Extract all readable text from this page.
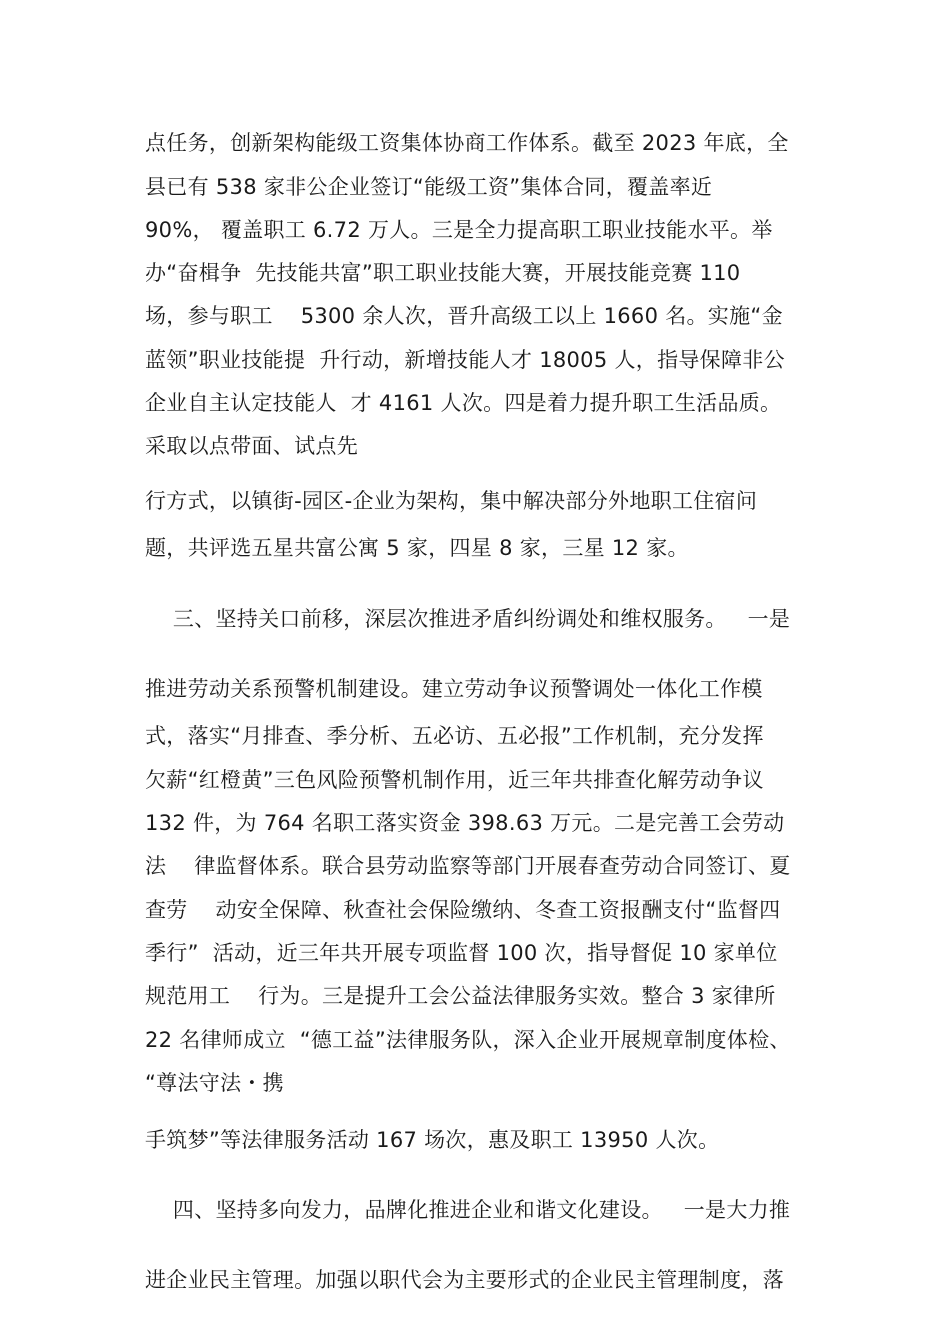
点任务，创新架构能级工资集体协商工作体系。截至 2023 年底，全
县已有 538 家非公企业签订“能级工资”集体合同，覆盖率近
90%， 覆盖职工 6.72 万人。三是全力提高职工职业技能水平。举
办“奋楫争  先技能共富”职工职业技能大赛，开展技能竞赛 110
场，参与职工    5300 余人次，晋升高级工以上 1660 名。实施“金
蓝领”职业技能提  升行动，新增技能人才 18005 人，指导保障非公
企业自主认定技能人  才 4161 人次。四是着力提升职工生活品质。
采取以点带面、试点先
行方式，以镇街-园区-企业为架构，集中解决部分外地职工住宿问
题，共评选五星共富公寓 5 家，四星 8 家，三星 12 家。
三、坚持关口前移，深层次推进矛盾纠纷调处和维权服务。   一是
推进劳动关系预警机制建设。建立劳动争议预警调处一体化工作模
式，落实“月排查、季分析、五必访、五必报”工作机制，充分发挥
欠薪“红橙黄”三色风险预警机制作用，近三年共排查化解劳动争议
132 件，为 764 名职工落实资金 398.63 万元。二是完善工会劳动
法    律监督体系。联合县劳动监察等部门开展春查劳动合同签订、夏
查劳    动安全保障、秋查社会保险缴纳、冬查工资报酬支付“监督四
季行”  活动，近三年共开展专项监督 100 次，指导督促 10 家单位
规范用工    行为。三是提升工会公益法律服务实效。整合 3 家律所
22 名律师成立  “德工益”法律服务队，深入企业开展规章制度体检、
“尊法守法・携
手筑梦”等法律服务活动 167 场次，惠及职工 13950 人次。
四、坚持多向发力，品牌化推进企业和谐文化建设。   一是大力推
进企业民主管理。加强以职代会为主要形式的企业民主管理制度，落
